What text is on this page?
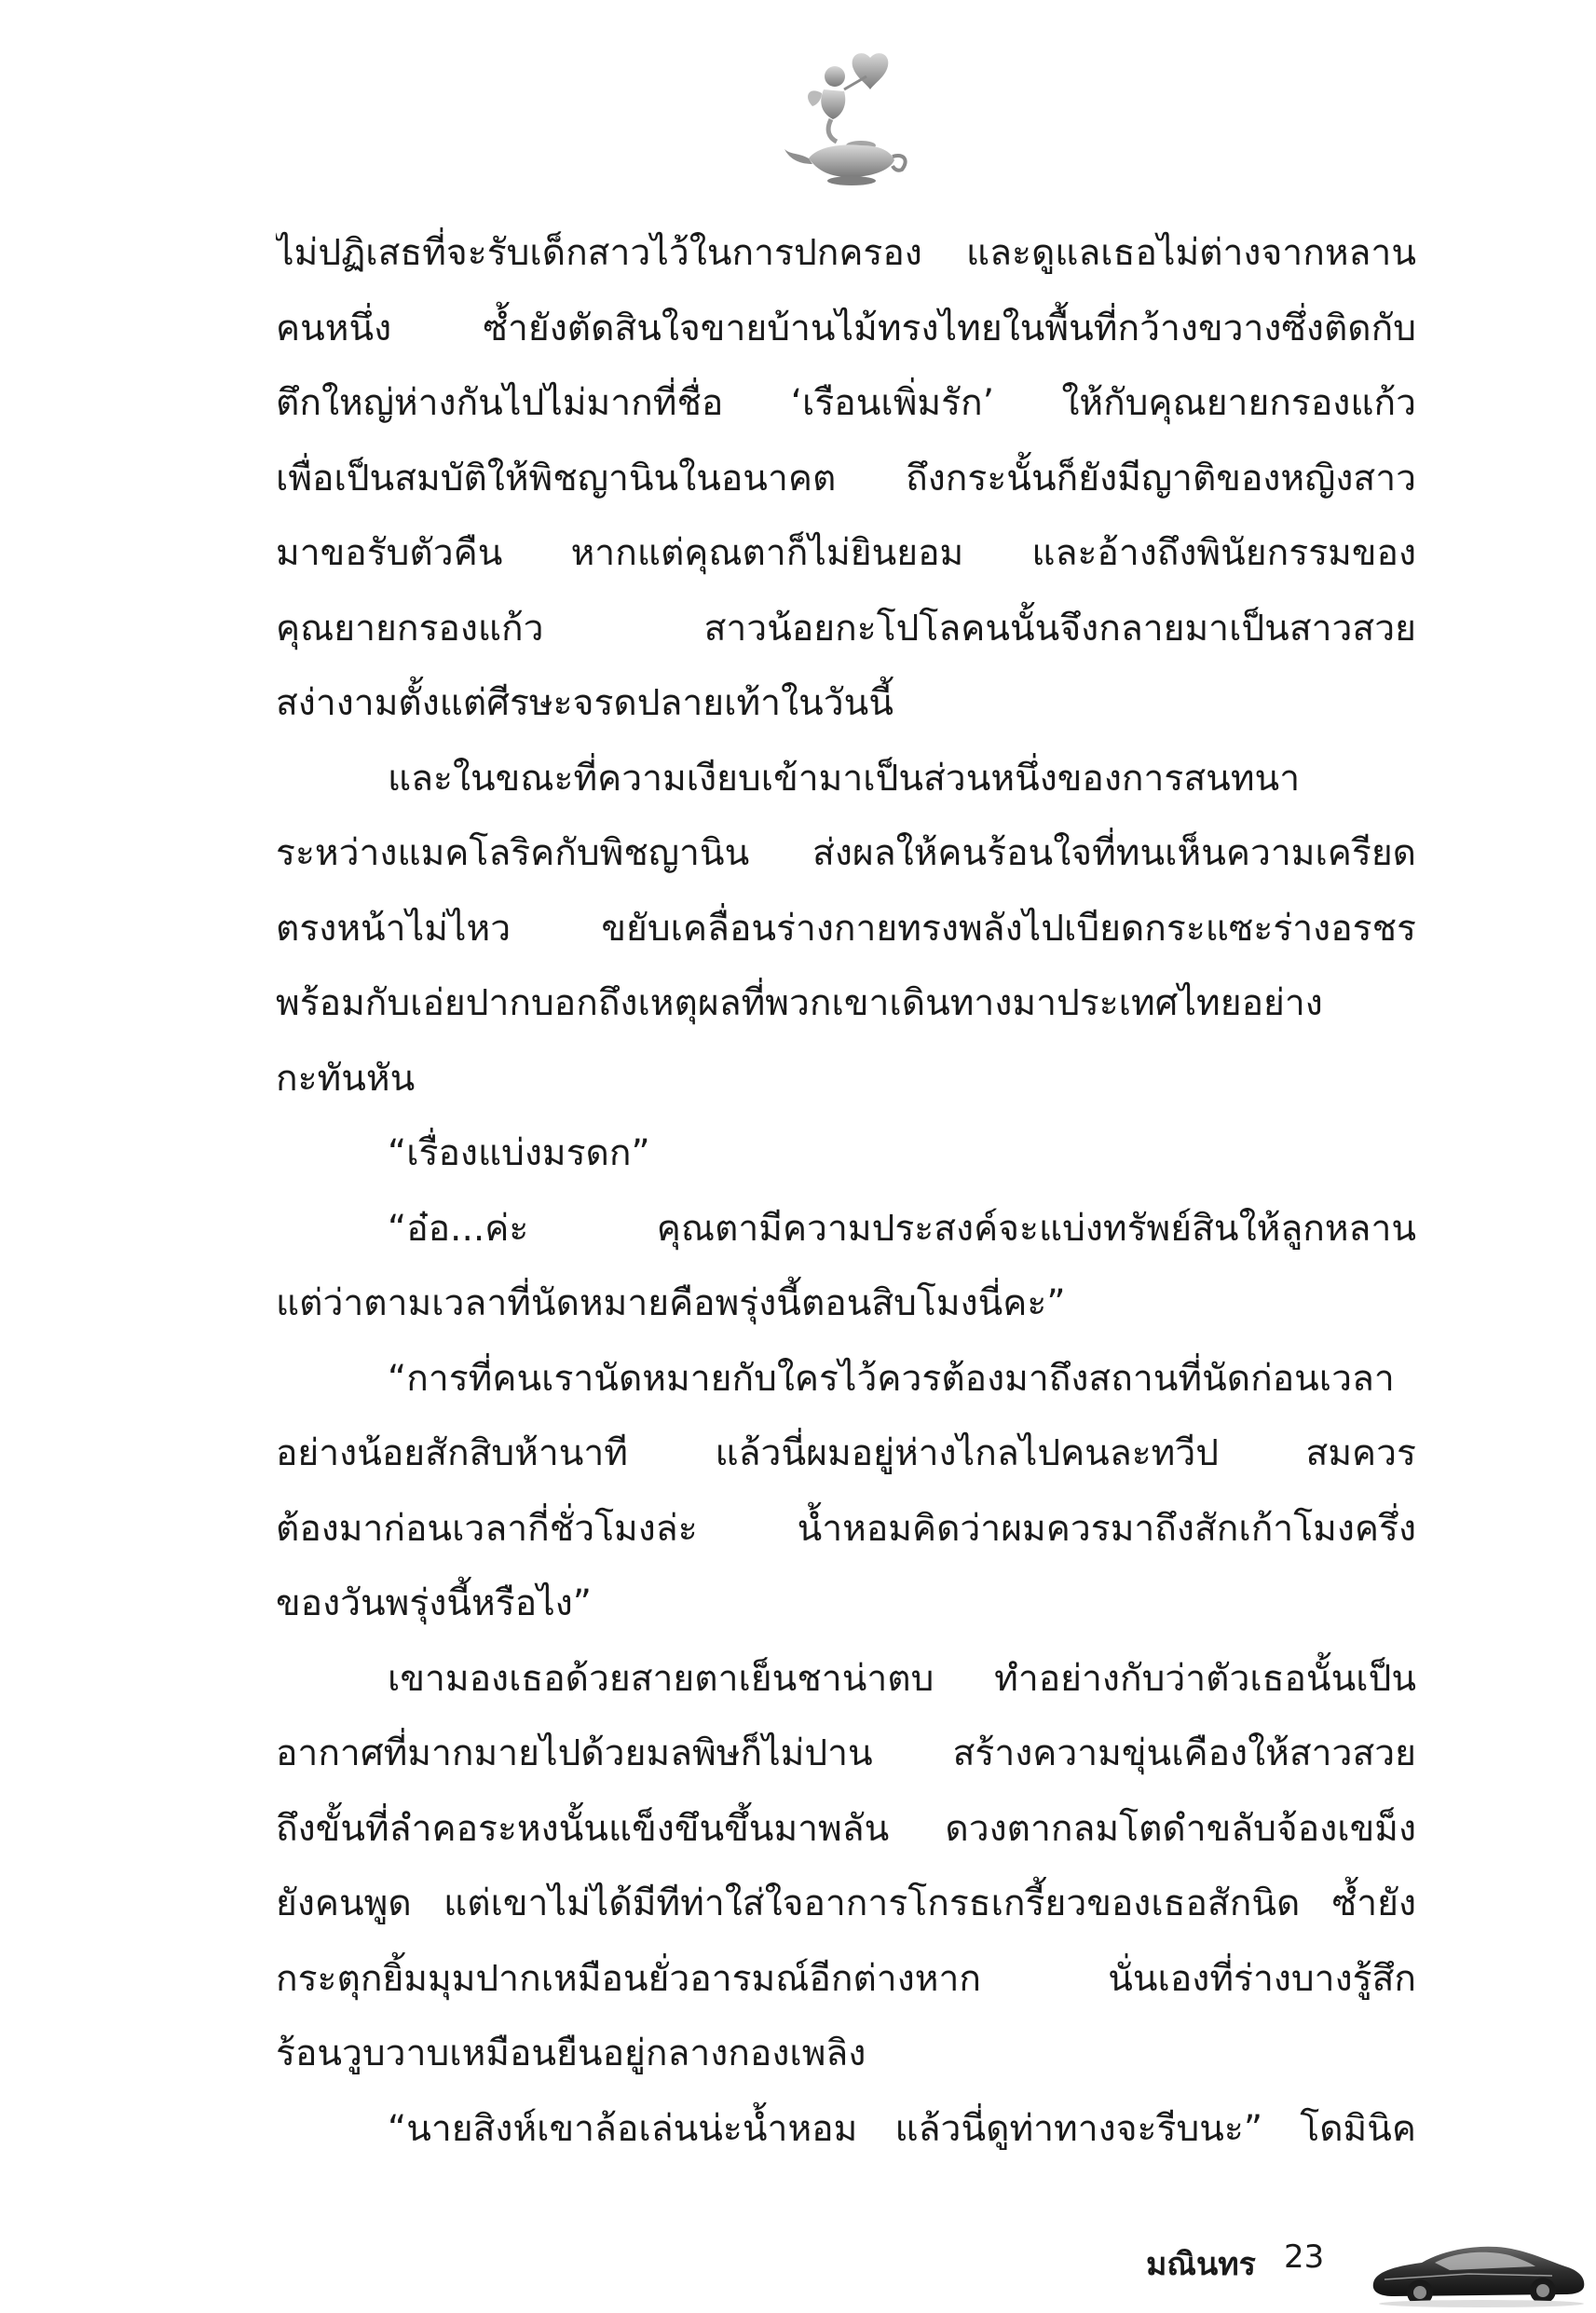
ไม่ปฏิเสธที่จะรับเด็กสาวไว้ในการปกครอง และดูแลเธอไม่ต่างจากหลาน
คนหนึ่ง ซ้ำยังตัดสินใจขายบ้านไม้ทรงไทยในพื้นที่กว้างขวางซึ่งติดกับ
ตึกใหญ่ห่างกันไปไม่มากที่ชื่อ ‘เรือนเพิ่มรัก’ ให้กับคุณยายกรองแก้ว
เพื่อเป็นสมบัติให้พิชญานินในอนาคต ถึงกระนั้นก็ยังมีญาติของหญิงสาว
มาขอรับตัวคืน หากแต่คุณตาก็ไม่ยินยอม และอ้างถึงพินัยกรรมของ
คุณยายกรองแก้ว สาวน้อยกะโปโลคนนั้นจึงกลายมาเป็นสาวสวย
สง่างามตั้งแต่ศีรษะจรดปลายเท้าในวันนี้
และในขณะที่ความเงียบเข้ามาเป็นส่วนหนึ่งของการสนทนา
ระหว่างแมคโลริคกับพิชญานิน ส่งผลให้คนร้อนใจที่ทนเห็นความเครียด
ตรงหน้าไม่ไหว ขยับเคลื่อนร่างกายทรงพลังไปเบียดกระแซะร่างอรชร
พร้อมกับเอ่ยปากบอกถึงเหตุผลที่พวกเขาเดินทางมาประเทศไทยอย่าง
กะทันหัน
“เรื่องแบ่งมรดก”
“อ๋อ...ค่ะ คุณตามีความประสงค์จะแบ่งทรัพย์สินให้ลูกหลาน
แต่ว่าตามเวลาที่นัดหมายคือพรุ่งนี้ตอนสิบโมงนี่คะ”
“การที่คนเรานัดหมายกับใครไว้ควรต้องมาถึงสถานที่นัดก่อนเวลา
อย่างน้อยสักสิบห้านาที แล้วนี่ผมอยู่ห่างไกลไปคนละทวีป สมควร
ต้องมาก่อนเวลากี่ชั่วโมงล่ะ น้ำหอมคิดว่าผมควรมาถึงสักเก้าโมงครึ่ง
ของวันพรุ่งนี้หรือไง”
เขามองเธอด้วยสายตาเย็นชาน่าตบ ทำอย่างกับว่าตัวเธอนั้นเป็น
อากาศที่มากมายไปด้วยมลพิษก็ไม่ปาน สร้างความขุ่นเคืองให้สาวสวย
ถึงขั้นที่ลำคอระหงนั้นแข็งขึนขึ้นมาพลัน ดวงตากลมโตดำขลับจ้องเขม็ง
ยังคนพูด แต่เขาไม่ได้มีทีท่าใส่ใจอาการโกรธเกรี้ยวของเธอสักนิด ซ้ำยัง
กระตุกยิ้มมุมปากเหมือนยั่วอารมณ์อีกต่างหาก นั่นเองที่ร่างบางรู้สึก
ร้อนวูบวาบเหมือนยืนอยู่กลางกองเพลิง
“นายสิงห์เขาล้อเล่นน่ะน้ำหอม แล้วนี่ดูท่าทางจะรีบนะ” โดมินิค
มณินทร 23
